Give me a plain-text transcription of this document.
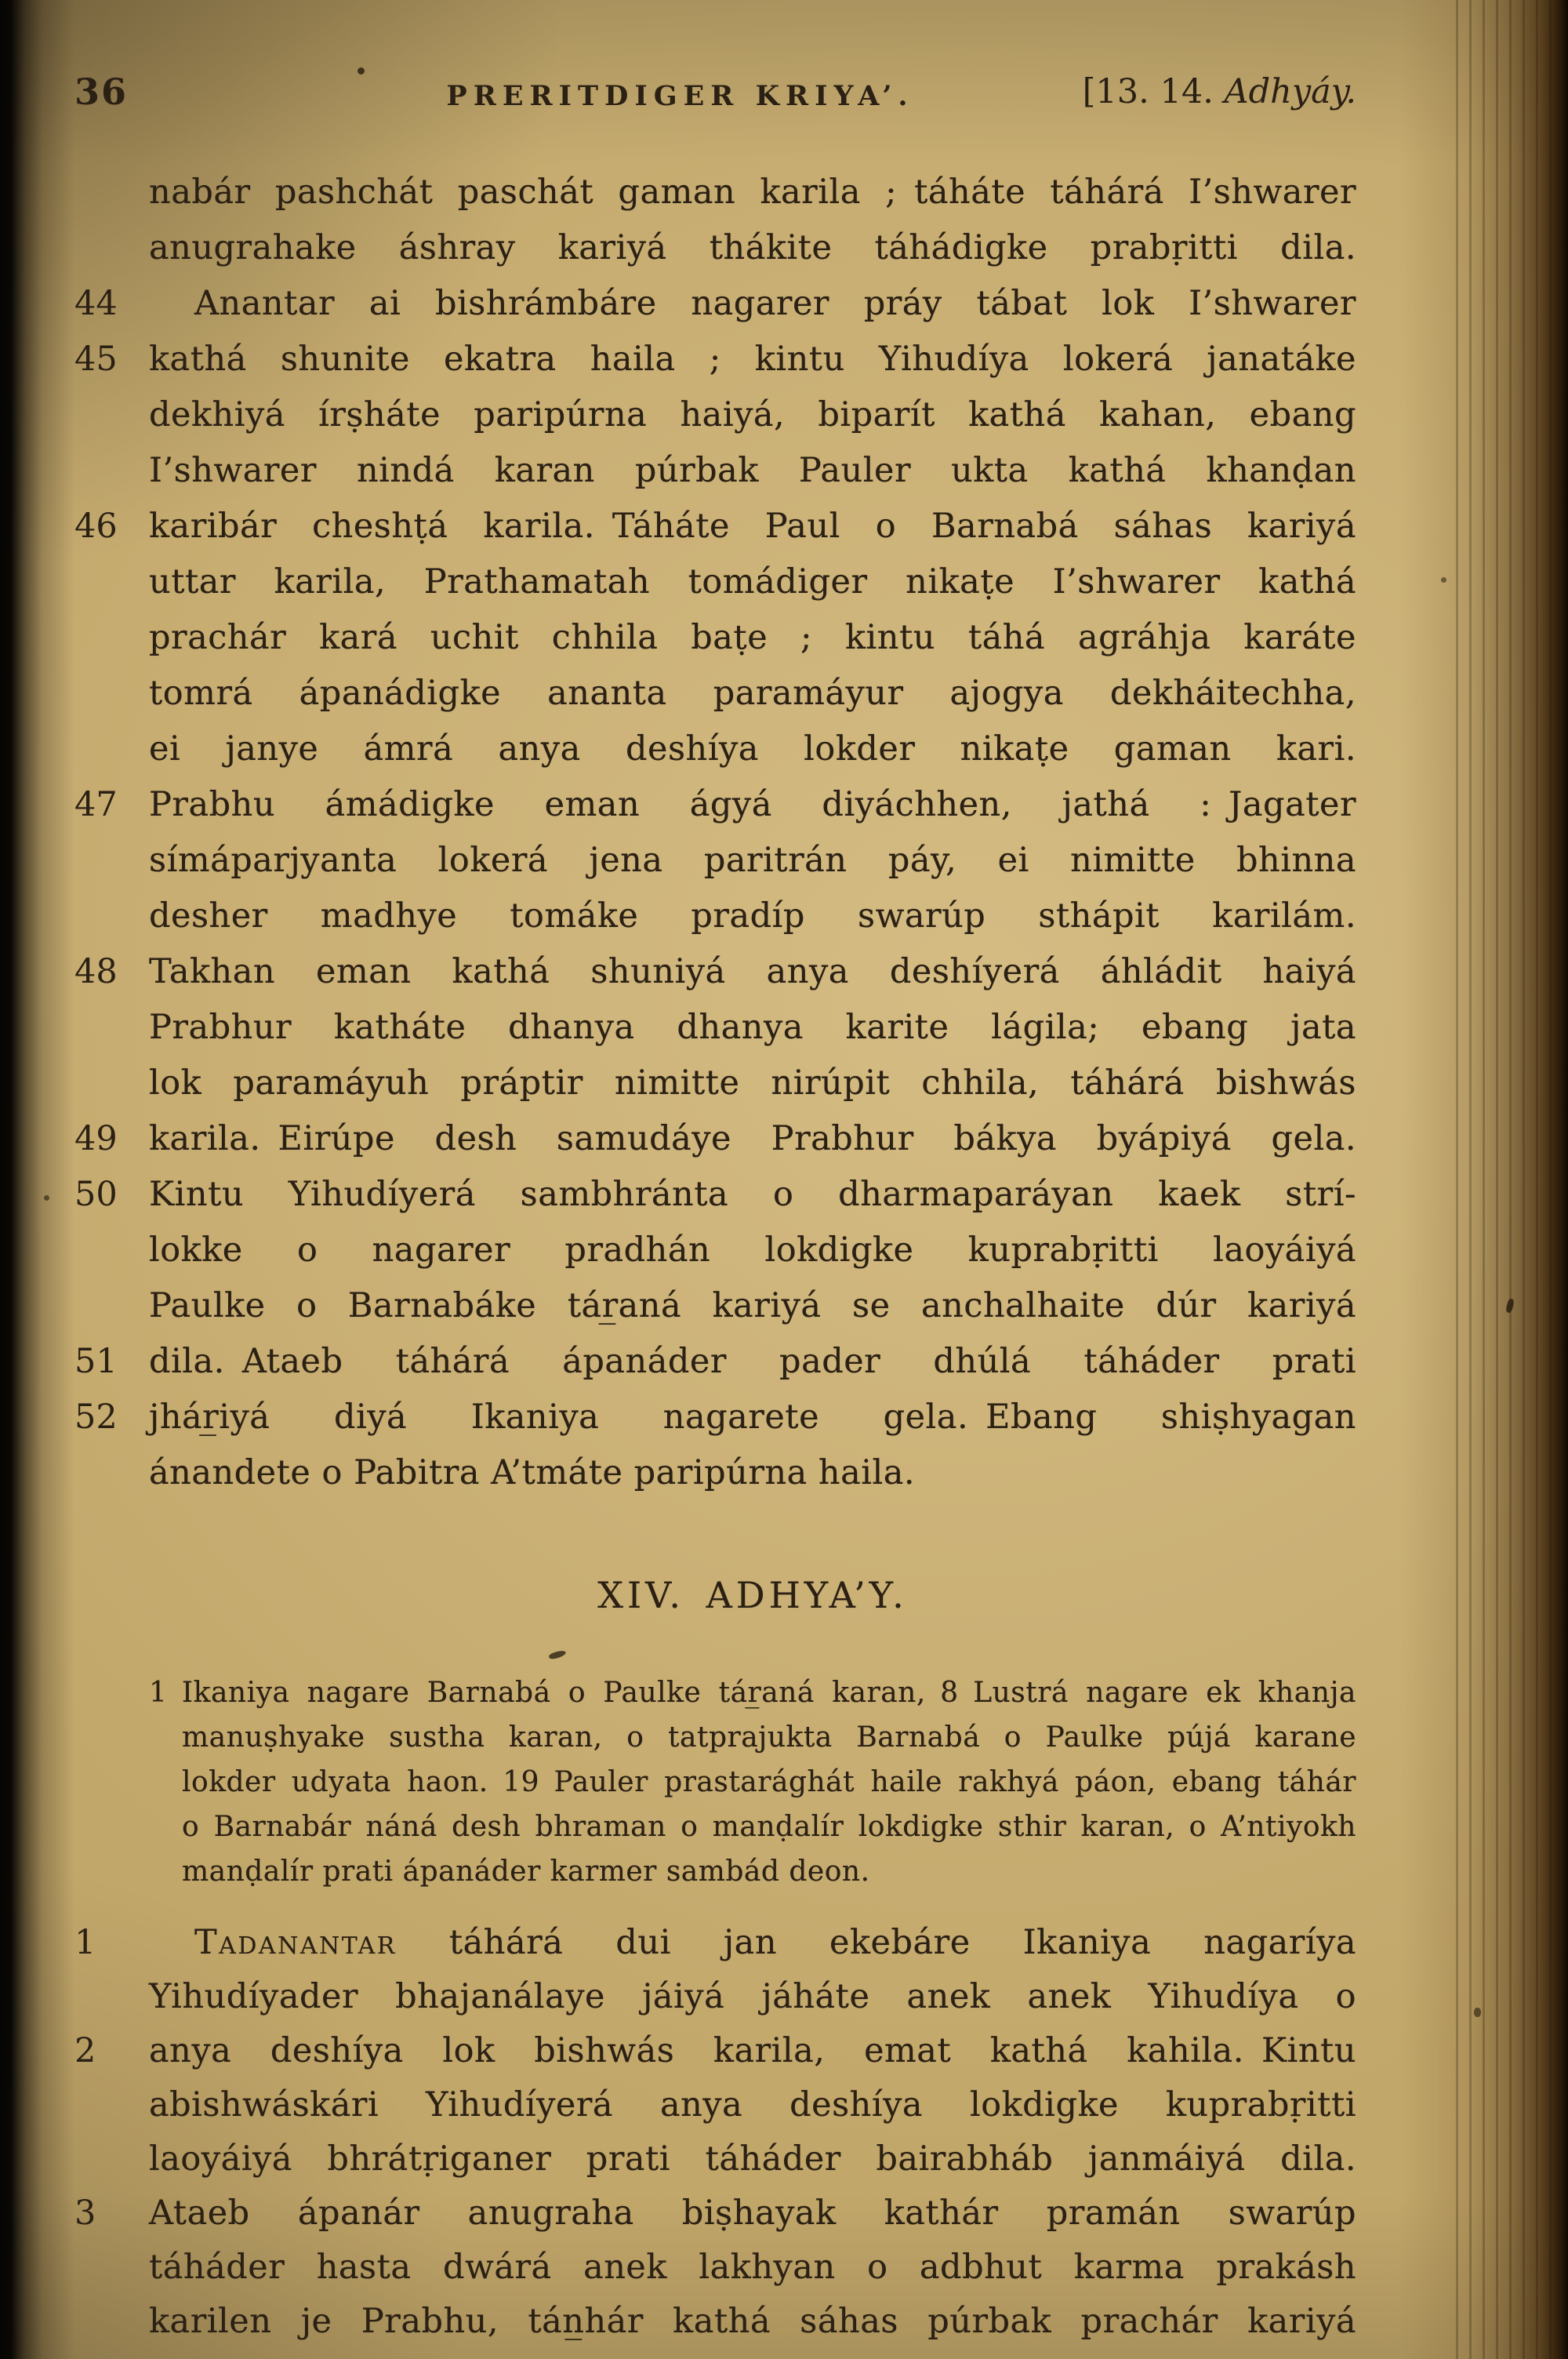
36	PRERITDIGER KRIYA’.	[13. 14. Adhyáy.
nabár pashchát paschát gaman karila ; táháte táhárá I’shwarer
anugrahake áshray kariyá thákite táhádigke prabṛitti dila.
44	Anantar ai bishrámbáre nagarer práy tábat lok I’shwarer
45 kathá shunite ekatra haila ; kintu Yihudíya lokerá janatáke
dekhiyá írṣháte paripúrna haiyá, biparít kathá kahan, ebang
I’shwarer nindá karan púrbak Pauler ukta kathá khanḍan
46 karibár cheshṭá karila. Táháte Paul o Barnabá sáhas kariyá
uttar karila, Prathamatah tomádiger nikaṭe I’shwarer kathá
prachár kará uchit chhila baṭe ; kintu táhá agráhja karáte
tomrá ápanádigke ananta paramáyur ajogya dekháitechha,
ei janye ámrá anya deshíya lokder nikaṭe gaman kari.
47 Prabhu ámádigke eman ágyá diyáchhen, jathá : Jagater
símáparjyanta lokerá jena paritrán páy, ei nimitte bhinna
desher madhye tomáke pradíp swarúp sthápit karilám.
48 Takhan eman kathá shuniyá anya deshíyerá áhládit haiyá
Prabhur katháte dhanya dhanya karite lágila; ebang jata
lok paramáyuh práptir nimitte nirúpit chhila, táhárá bishwás
49 karila. Eirúpe desh samudáye Prabhur bákya byápiyá gela.
50 Kintu Yihudíyerá sambhránta o dharmaparáyan kaek strí-
lokke o nagarer pradhán lokdigke kuprabṛitti laoyáiyá
Paulke o Barnabáke tár̲aná kariyá se anchalhaite dúr kariyá
51 dila. Ataeb táhárá ápanáder pader dhúlá táháder prati
52 jhár̲iyá diyá Ikaniya nagarete gela. Ebang shiṣhyagan
ánandete o Pabitra A’tmáte paripúrna haila.
XIV. ADHYA’Y.
1 Ikaniya nagare Barnabá o Paulke tár̲aná karan, 8 Lustrá nagare ek khanja
manuṣhyake sustha karan, o tatprajukta Barnabá o Paulke pújá karane
lokder udyata haon. 19 Pauler prastarághát haile rakhyá páon, ebang táhár
o Barnabár náná desh bhraman o manḍalír lokdigke sthir karan, o A’ntiyokh
manḍalír prati ápanáder karmer sambád deon.
1	Tadanantar táhárá dui jan ekebáre Ikaniya nagaríya
Yihudíyader bhajanálaye jáiyá jáháte anek anek Yihudíya o
2	anya deshíya lok bishwás karila, emat kathá kahila. Kintu
abishwáskári Yihudíyerá anya deshíya lokdigke kuprabṛitti
laoyáiyá bhrátṛiganer prati táháder bairabháb janmáiyá dila.
3	Ataeb ápanár anugraha biṣhayak kathár pramán swarúp
táháder hasta dwárá anek lakhyan o adbhut karma prakásh
karilen je Prabhu, tán̲hár kathá sáhas púrbak prachár kariyá
